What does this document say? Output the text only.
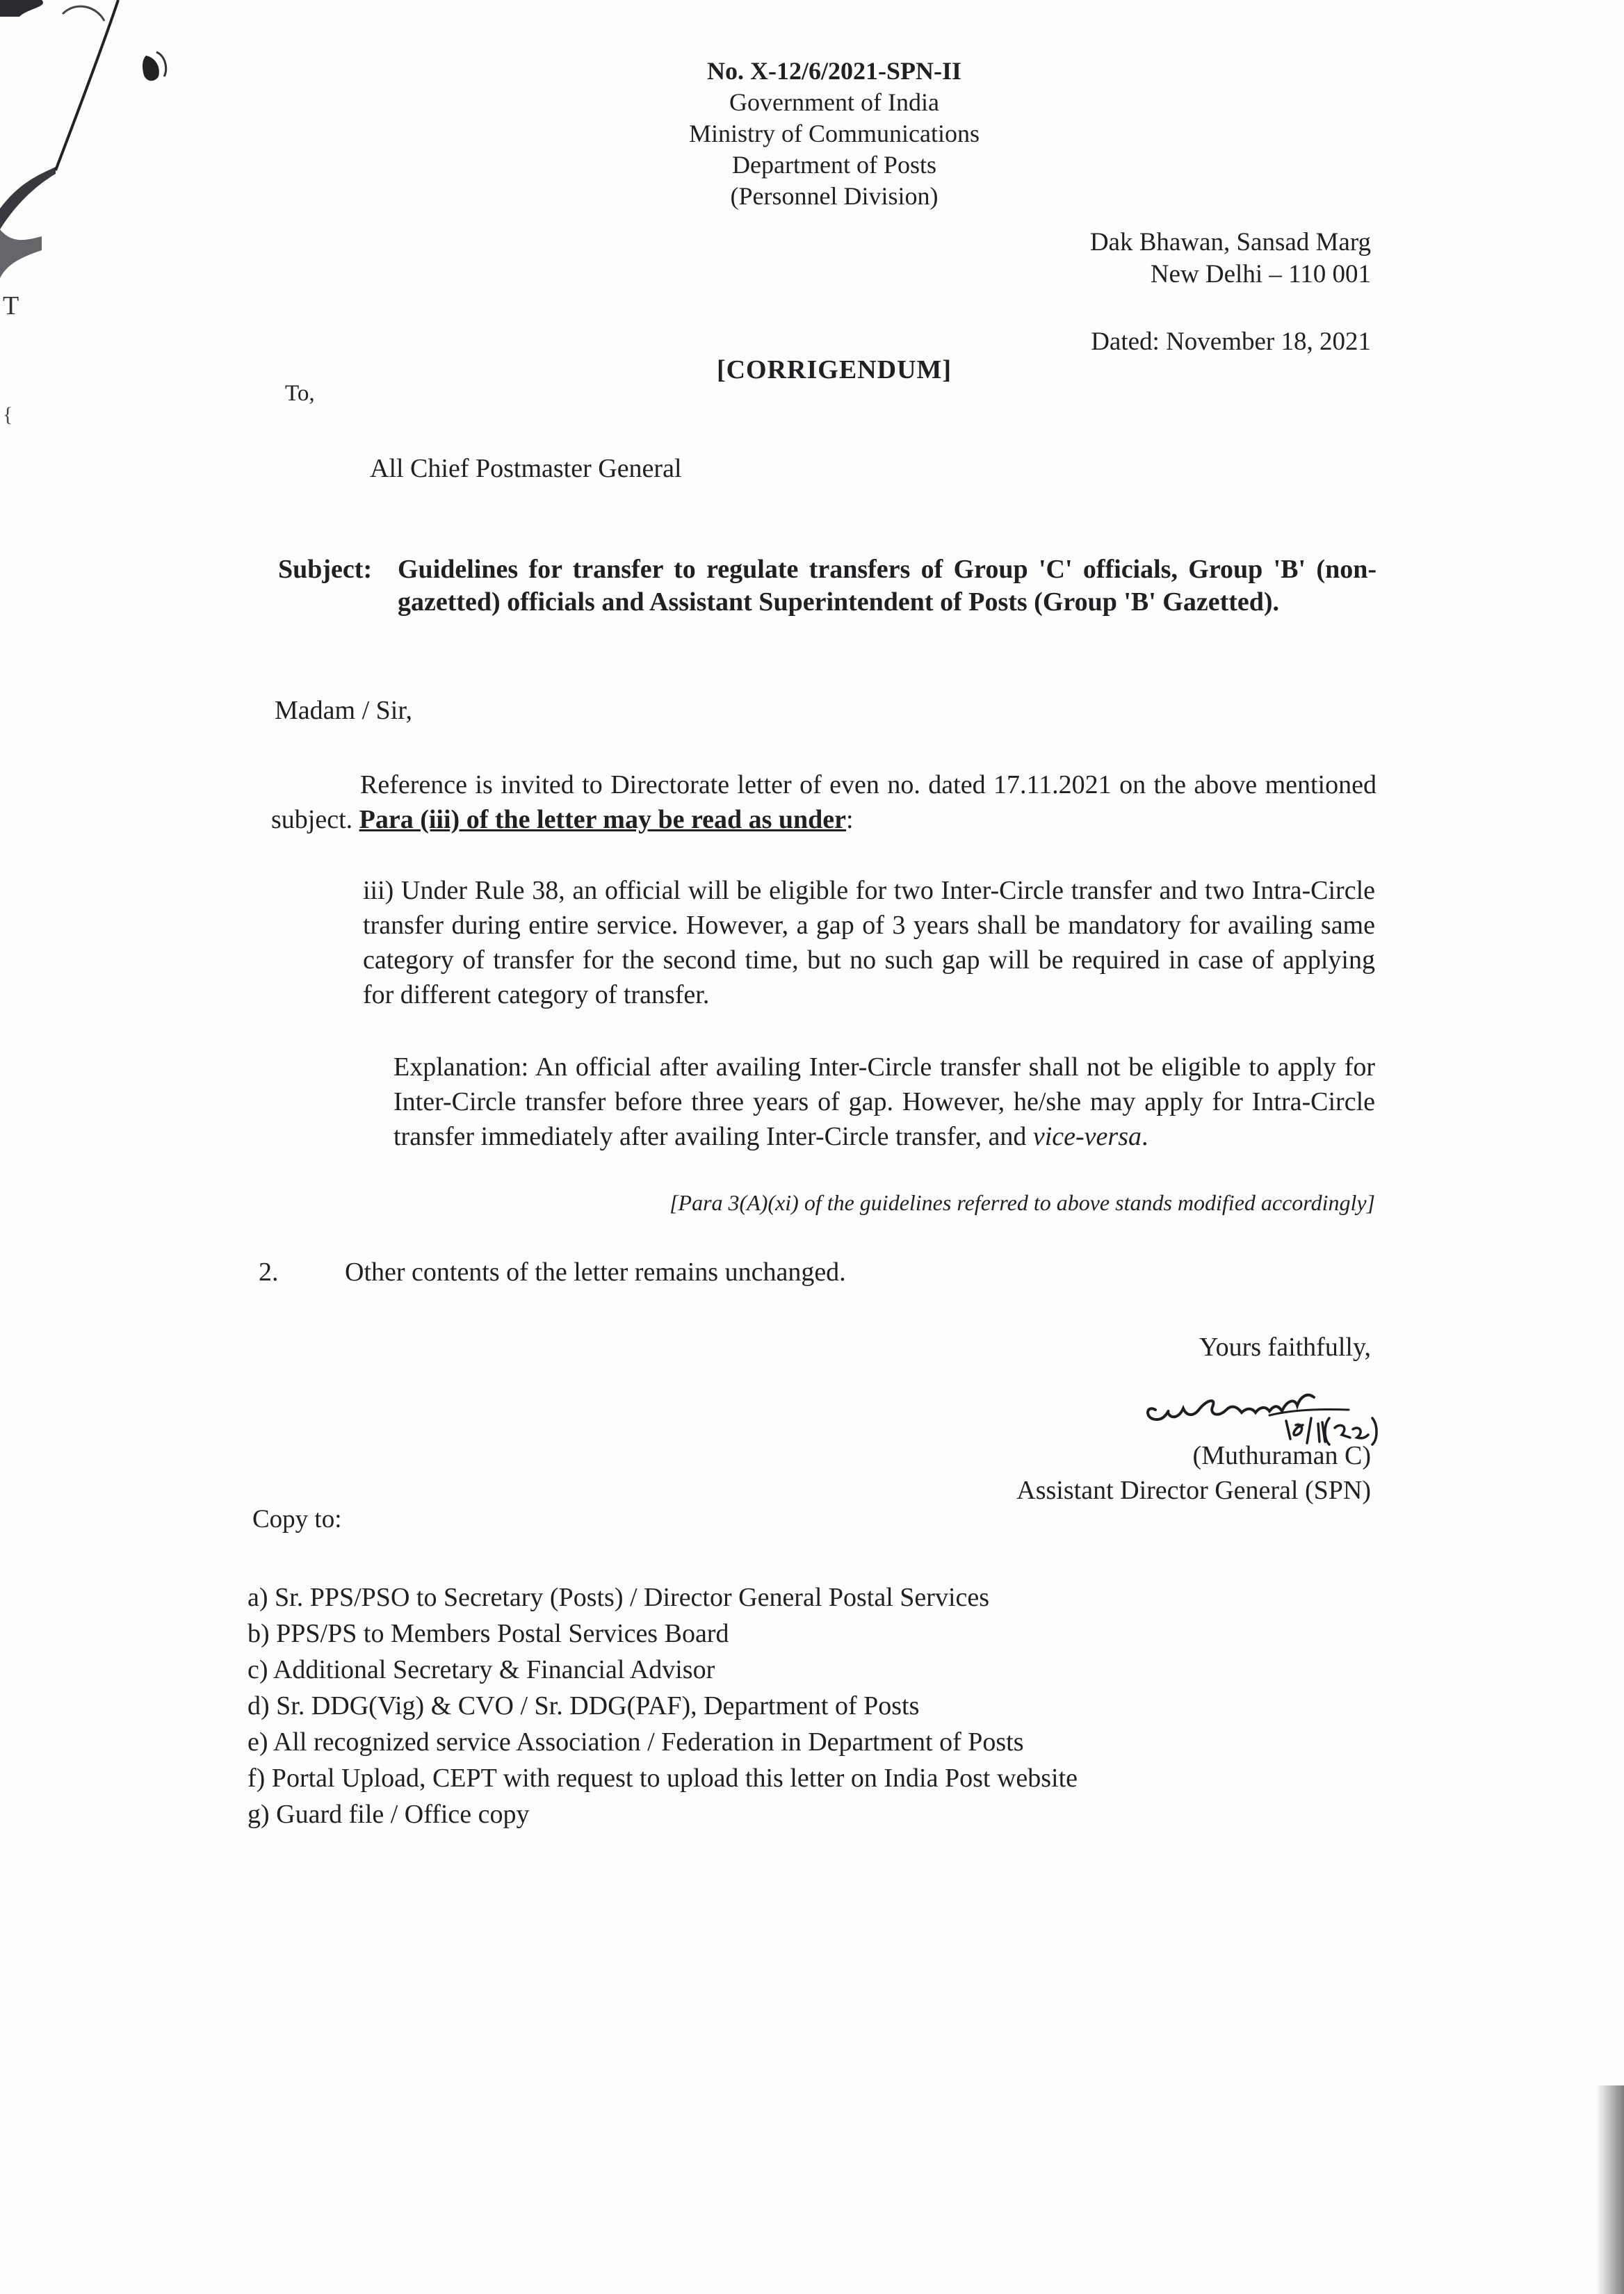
T
{
No. X-12/6/2021-SPN-II
Government of India
Ministry of Communications
Department of Posts
(Personnel Division)
Dak Bhawan, Sansad Marg
New Delhi – 110 001
Dated: November 18, 2021
[CORRIGENDUM]
To,
All Chief Postmaster General
Subject: Guidelines for transfer to regulate transfers of Group 'C' officials, Group 'B' (non-gazetted) officials and Assistant Superintendent of Posts (Group 'B' Gazetted).
Madam / Sir,
Reference is invited to Directorate letter of even no. dated 17.11.2021 on the above mentioned subject. Para (iii) of the letter may be read as under:
iii) Under Rule 38, an official will be eligible for two Inter-Circle transfer and two Intra-Circle transfer during entire service. However, a gap of 3 years shall be mandatory for availing same category of transfer for the second time, but no such gap will be required in case of applying for different category of transfer.
Explanation: An official after availing Inter-Circle transfer shall not be eligible to apply for Inter-Circle transfer before three years of gap. However, he/she may apply for Intra-Circle transfer immediately after availing Inter-Circle transfer, and vice-versa.
[Para 3(A)(xi) of the guidelines referred to above stands modified accordingly]
2.	Other contents of the letter remains unchanged.
Yours faithfully,
(Muthuraman C)
Assistant Director General (SPN)
Copy to:
a) Sr. PPS/PSO to Secretary (Posts) / Director General Postal Services
b) PPS/PS to Members Postal Services Board
c) Additional Secretary & Financial Advisor
d) Sr. DDG(Vig) & CVO / Sr. DDG(PAF), Department of Posts
e) All recognized service Association / Federation in Department of Posts
f) Portal Upload, CEPT with request to upload this letter on India Post website
g) Guard file / Office copy
